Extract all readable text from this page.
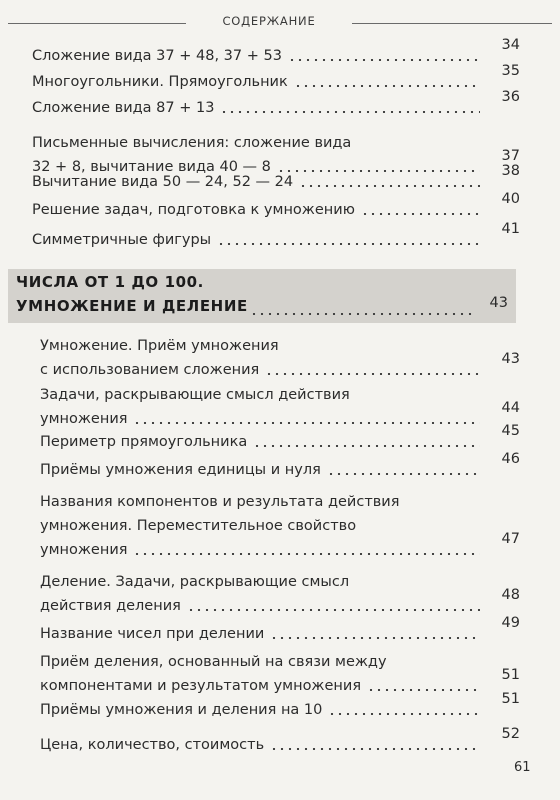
СОДЕРЖАНИЕ
Сложение вида 37 + 48, 37 + 53
34
Многоугольники. Прямоугольник
35
Сложение вида 87 + 13
36
Письменные вычисления: сложение вида
32 + 8, вычитание вида 40 — 8
37
Вычитание вида 50 — 24, 52 — 24
38
Решение задач, подготовка к умножению
40
Симметричные фигуры
41
ЧИСЛА ОТ 1 ДО 100.
УМНОЖЕНИЕ И ДЕЛЕНИЕ	43
Умножение. Приём умножения
с использованием сложения
43
Задачи, раскрывающие смысл действия
умножения
44
Периметр прямоугольника
45
Приёмы умножения единицы и нуля
46
Названия компонентов и результата действия
умножения. Переместительное свойство
умножения
47
Деление. Задачи, раскрывающие смысл
действия деления
48
Название чисел при делении
49
Приём деления, основанный на связи между
компонентами и результатом умножения
51
Приёмы умножения и деления на 10
51
Цена, количество, стоимость
52
61
